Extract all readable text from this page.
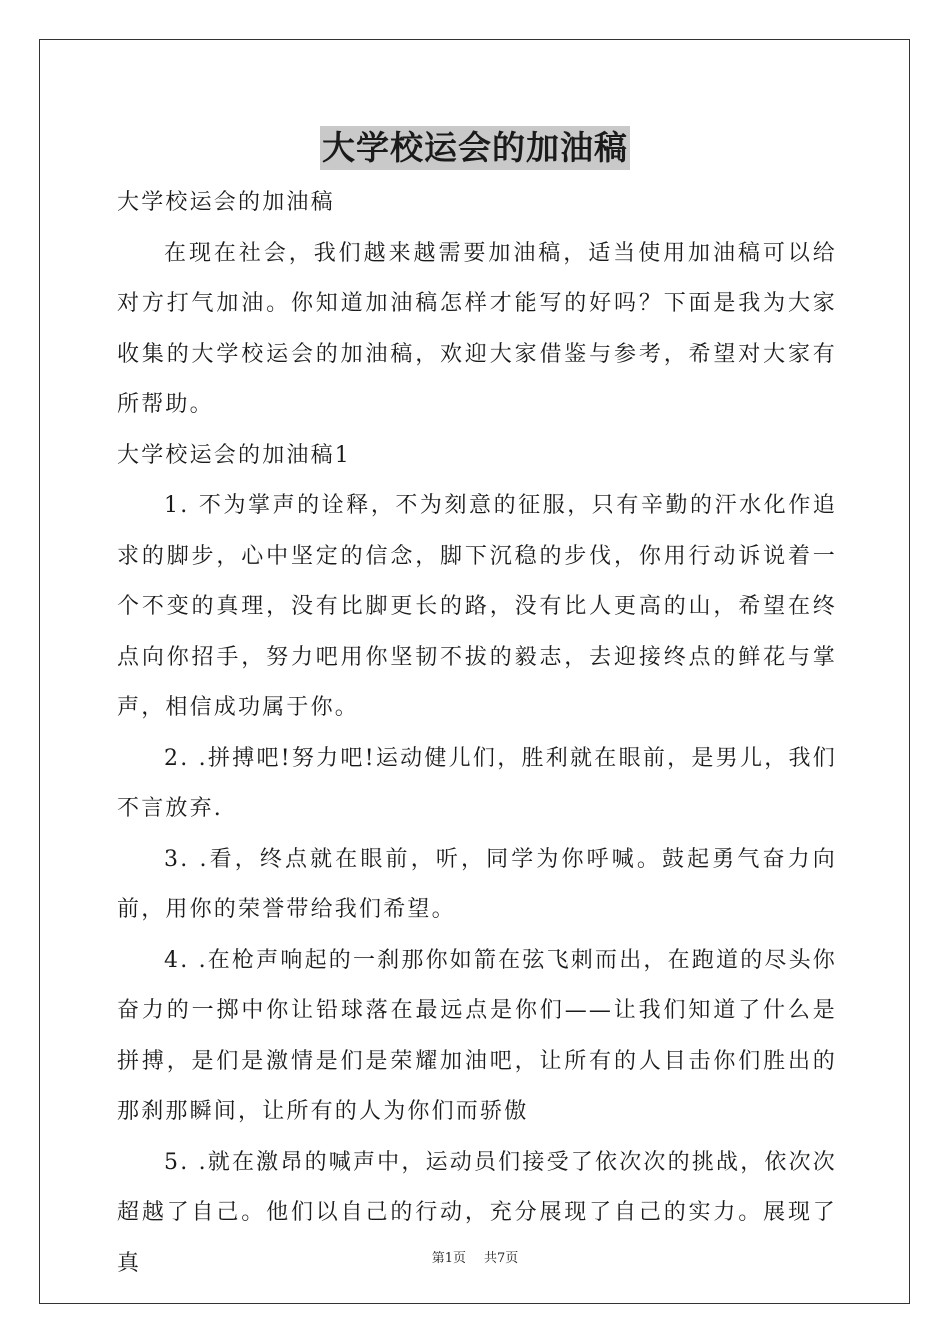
大学校运会的加油稿

大学校运会的加油稿

在现在社会，我们越来越需要加油稿，适当使用加油稿可以给对方打气加油。你知道加油稿怎样才能写的好吗？下面是我为大家收集的大学校运会的加油稿，欢迎大家借鉴与参考，希望对大家有所帮助。

大学校运会的加油稿1

1. 不为掌声的诠释，不为刻意的征服，只有辛勤的汗水化作追求的脚步，心中坚定的信念，脚下沉稳的步伐，你用行动诉说着一个不变的真理，没有比脚更长的路，没有比人更高的山，希望在终点向你招手，努力吧用你坚韧不拔的毅志，去迎接终点的鲜花与掌声，相信成功属于你。

2. .拼搏吧!努力吧!运动健儿们，胜利就在眼前，是男儿，我们不言放弃.

3. .看，终点就在眼前，听，同学为你呼喊。鼓起勇气奋力向前，用你的荣誉带给我们希望。

4. .在枪声响起的一刹那你如箭在弦飞刺而出，在跑道的尽头你奋力的一掷中你让铅球落在最远点是你们——让我们知道了什么是拼搏，是们是激情是们是荣耀加油吧，让所有的人目击你们胜出的那刹那瞬间，让所有的人为你们而骄傲

5. .就在激昂的喊声中，运动员们接受了依次次的挑战，依次次超越了自己。他们以自己的行动，充分展现了自己的实力。展现了真	第1页 共7页
